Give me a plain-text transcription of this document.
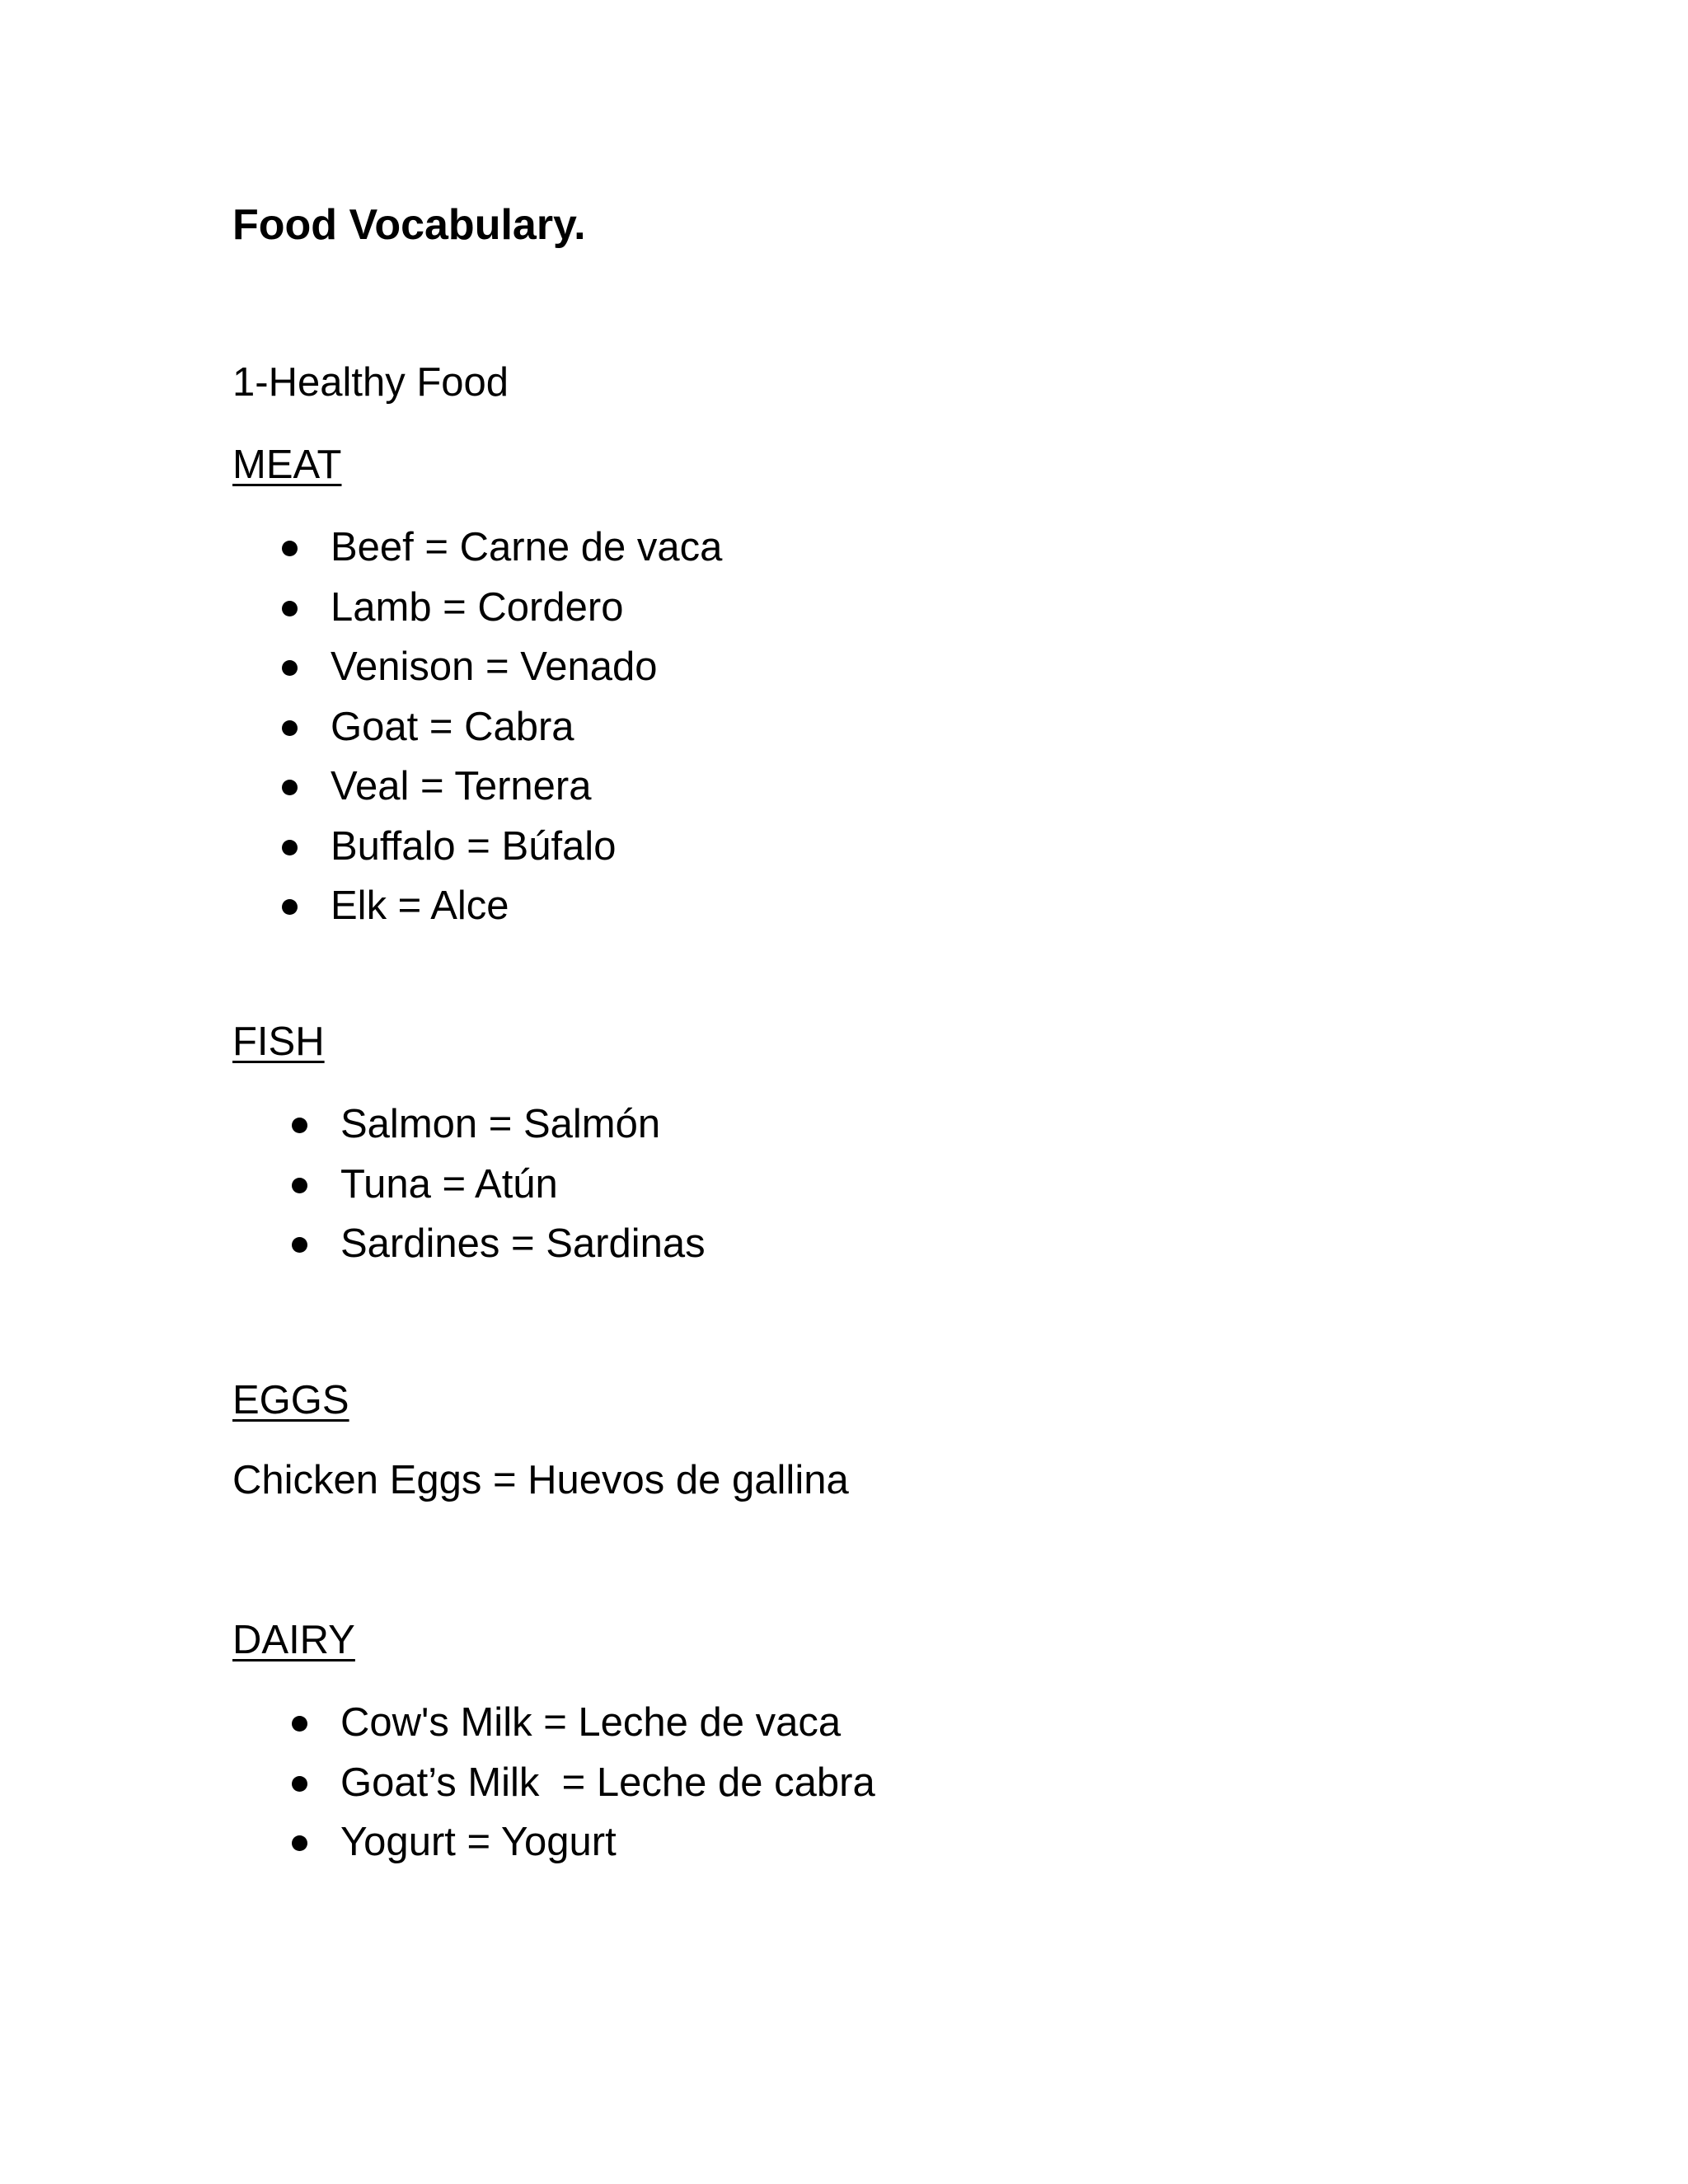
Food Vocabulary.
1-Healthy Food
MEAT
Beef = Carne de vaca
Lamb = Cordero
Venison = Venado
Goat = Cabra
Veal = Ternera
Buffalo = Búfalo
Elk = Alce
FISH
Salmon = Salmón
Tuna = Atún
Sardines = Sardinas
EGGS
Chicken Eggs = Huevos de gallina
DAIRY
Cow's Milk = Leche de vaca
Goat’s Milk  = Leche de cabra
Yogurt = Yogurt
